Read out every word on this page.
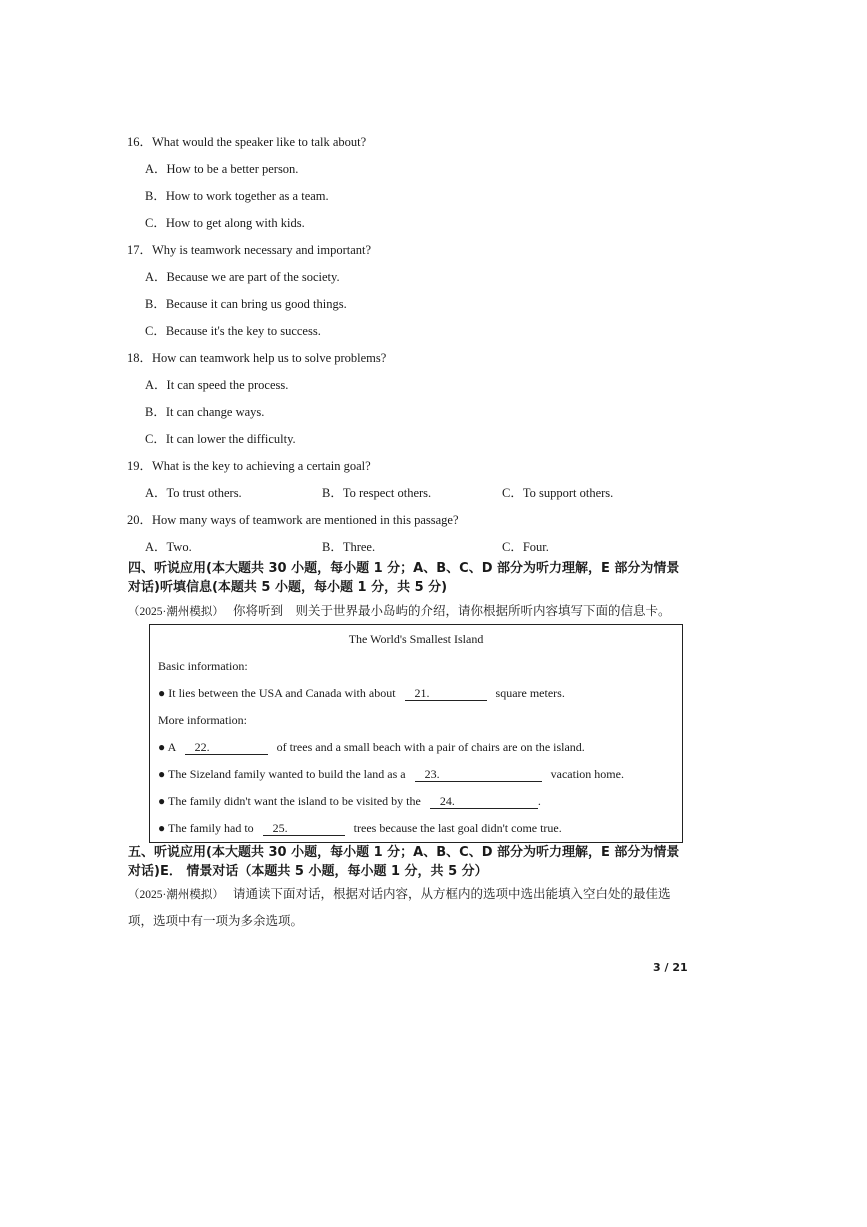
16．What would the speaker like to talk about?
A．How to be a better person.
B．How to work together as a team.
C．How to get along with kids.
17．Why is teamwork necessary and important?
A．Because we are part of the society.
B．Because it can bring us good things.
C．Because it's the key to success.
18．How can teamwork help us to solve problems?
A．It can speed the process.
B．It can change ways.
C．It can lower the difficulty.
19．What is the key to achieving a certain goal?
A．To trust others.	B．To respect others.	C．To support others.
20．How many ways of teamwork are mentioned in this passage?
A．Two.	B．Three.	C．Four.
四、听说应用(本大题共 30 小题，每小题 1 分；A、B、C、D 部分为听力理解，E 部分为情景
对话)听填信息(本题共 5 小题，每小题 1 分，共 5 分)
（2025·潮州模拟） 你将听到　则关于世界最小岛屿的介绍，请你根据所听内容填写下面的信息卡。
The World's Smallest Island
Basic information:
● It lies between the USA and Canada with about 21.	square meters.
More information:
● A 22.	of trees and a small beach with a pair of chairs are on the island.
● The Sizeland family wanted to build the land as a 23.	vacation home.
● The family didn't want the island to be visited by the 24.	.
● The family had to 25.	trees because the last goal didn't come true.
五、听说应用(本大题共 30 小题，每小题 1 分；A、B、C、D 部分为听力理解，E 部分为情景
对话)E． 情景对话（本题共 5 小题，每小题 1 分，共 5 分）
（2025·潮州模拟） 请通读下面对话，根据对话内容，从方框内的选项中选出能填入空白处的最佳选
项，选项中有一项为多余选项。
3 / 21
